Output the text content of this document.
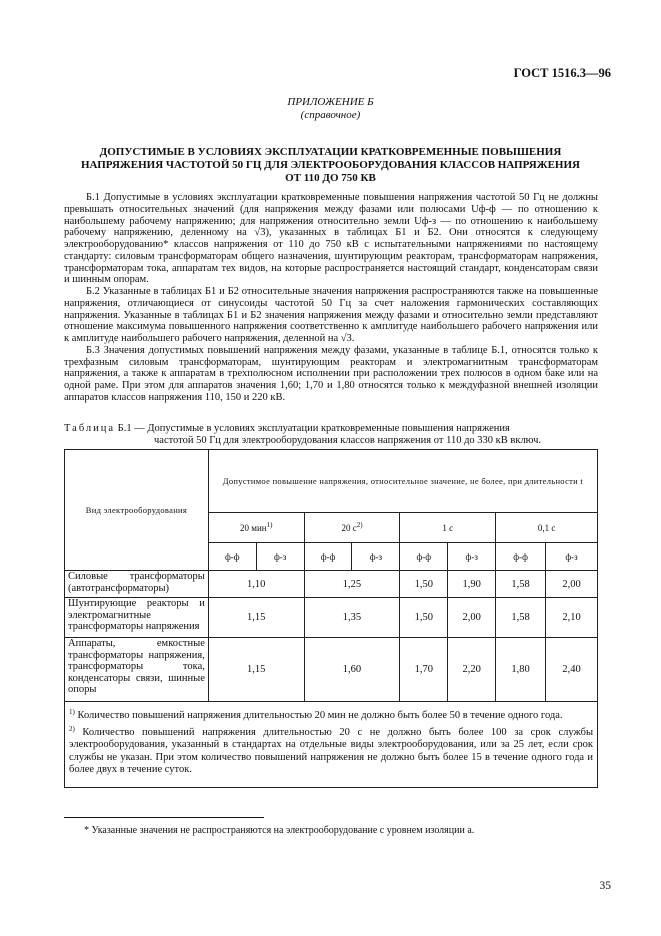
ГОСТ 1516.3—96
ПРИЛОЖЕНИЕ Б
(справочное)
ДОПУСТИМЫЕ В УСЛОВИЯХ ЭКСПЛУАТАЦИИ КРАТКОВРЕМЕННЫЕ ПОВЫШЕНИЯ НАПРЯЖЕНИЯ ЧАСТОТОЙ 50 ГЦ ДЛЯ ЭЛЕКТРООБОРУДОВАНИЯ КЛАССОВ НАПРЯЖЕНИЯ ОТ 110 ДО 750 КВ

Б.1 Допустимые в условиях эксплуатации кратковременные повышения напряжения частотой 50 Гц не должны превышать относительных значений (для напряжения между фазами или полюсами Uф-ф — по отношению к наибольшему рабочему напряжению; для напряжения относительно земли Uф-з — по отношению к наибольшему рабочему напряжению, деленному на √3), указанных в таблицах Б1 и Б2. Они относятся к следующему электрооборудованию* классов напряжения от 110 до 750 кВ с испытательными напряжениями по настоящему стандарту: силовым трансформаторам общего назначения, шунтирующим реакторам, трансформаторам напряжения, трансформаторам тока, аппаратам тех видов, на которые распространяется настоящий стандарт, конденсаторам связи и шинным опорам.

Б.2 Указанные в таблицах Б1 и Б2 относительные значения напряжения распространяются также на повышенные напряжения, отличающиеся от синусоиды частотой 50 Гц за счет наложения гармонических составляющих напряжения. Указанные в таблицах Б1 и Б2 значения напряжения между фазами и относительно земли представляют отношение максимума повышенного напряжения соответственно к амплитуде наибольшего рабочего напряжения или к амплитуде наибольшего рабочего напряжения, деленной на √3.

Б.3 Значения допустимых повышений напряжения между фазами, указанные в таблице Б.1, относятся только к трехфазным силовым трансформаторам, шунтирующим реакторам и электромагнитным трансформаторам напряжения, а также к аппаратам в трехполюсном исполнении при расположении трех полюсов в одном баке или на одной раме. При этом для аппаратов значения 1,60; 1,70 и 1,80 относятся только к междуфазной внешней изоляции аппаратов классов напряжения 110, 150 и 220 кВ.

Таблица Б.1 — Допустимые в условиях эксплуатации кратковременные повышения напряжения
частотой 50 Гц для электрооборудования классов напряжения от 110 до 330 кВ включ.
Вид электрооборудования	Допустимое повышение напряжения, относительное значение, не более, при длительности t							
	20 мин$^{1)}$		20 $с^{2)}$		1 с		0,1 с	
	ф-ф	ф-з	ф-ф	ф-з	ф-ф	ф-з	ф-ф	ф-з
Силовые трансформаторы (автотрансформаторы)	1,10		1,25		1,50	1,90	1,58	2,00
Шунтирующие реакторы и электромагнитные трансформаторы напряжения	1,15		1,35		1,50	2,00	1,58	2,10
Аппараты, емкостные трансформаторы напряжения, трансформаторы тока, конденсаторы связи, шинные опоры	1,15		1,60		1,70	2,20	1,80	2,40

$^{1)}$ Количество повышений напряжения длительностью 20 мин не должно быть более 50 в течение одного года.

$^{2)}$ Количество повышений напряжения длительностью 20 с не должно быть более 100 за срок службы электрооборудования, указанный в стандартах на отдельные виды электрооборудования, или за 25 лет, если срок службы не указан. При этом количество повышений напряжения не должно быть более 15 в течение одного года и более двух в течение суток.								

* Указанные значения не распространяются на электрооборудование с уровнем изоляции а.
35
